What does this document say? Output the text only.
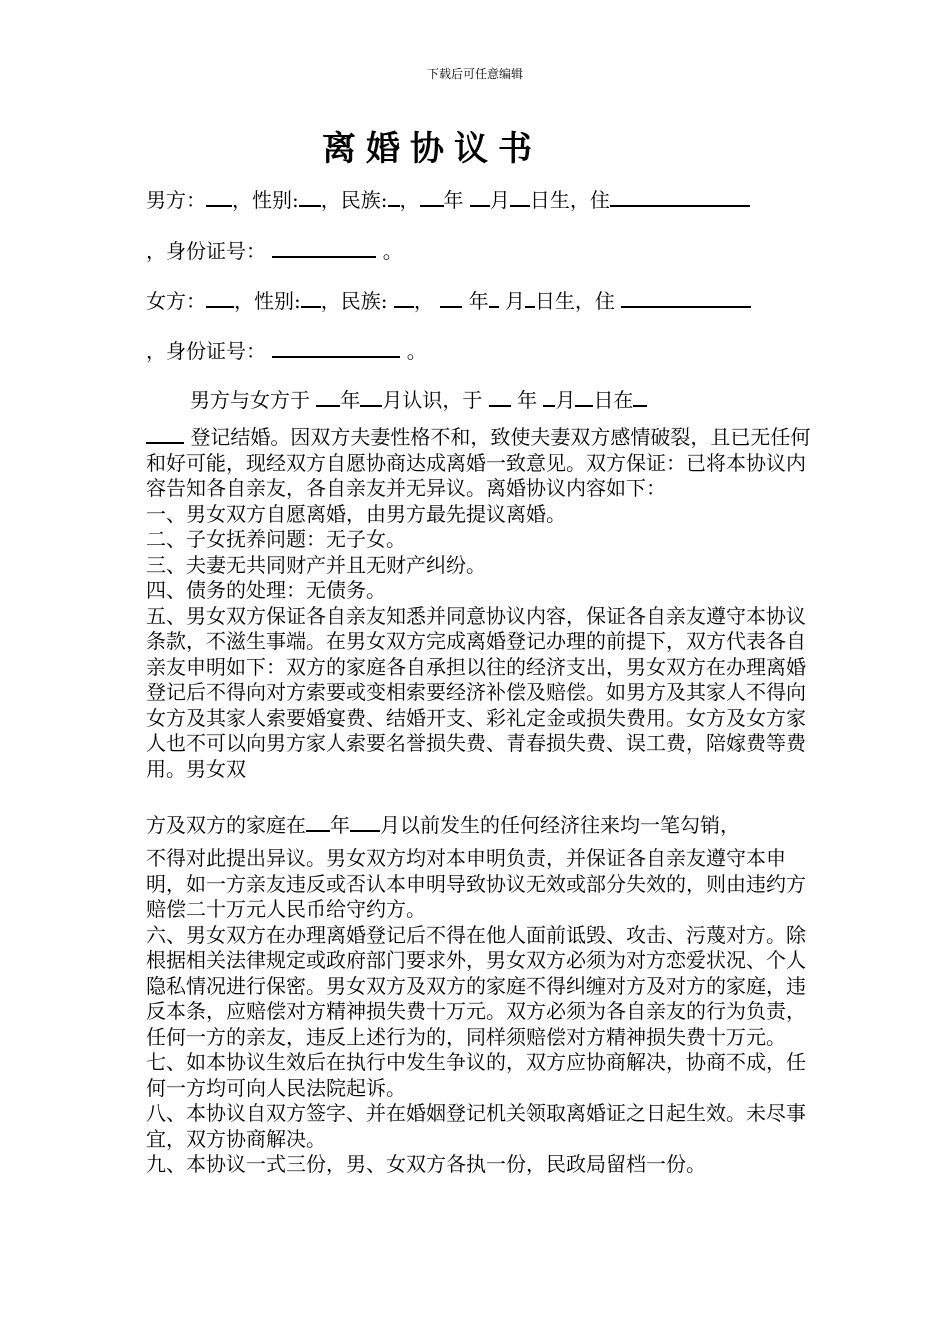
下载后可任意编辑
离婚协议书
男方： ，性别: ，民族: ， 年 月 日生，住
，身份证号：	。
女方： ，性别: ，民族: ， 年 月 日生，住
，身份证号：	。
男方与女方于 年 月认识，于 年 月 日在

登记结婚。因双方夫妻性格不和，致使夫妻双方感情破裂，且已无任何和好可能，现经双方自愿协商达成离婚一致意见。双方保证：已将本协议内容告知各自亲友，各自亲友并无异议。离婚协议内容如下：

一、男女双方自愿离婚，由男方最先提议离婚。

二、子女抚养问题：无子女。

三、夫妻无共同财产并且无财产纠纷。

四、债务的处理：无债务。

五、男女双方保证各自亲友知悉并同意协议内容，保证各自亲友遵守本协议条款，不滋生事端。在男女双方完成离婚登记办理的前提下，双方代表各自亲友申明如下：双方的家庭各自承担以往的经济支出，男女双方在办理离婚登记后不得向对方索要或变相索要经济补偿及赔偿。如男方及其家人不得向女方及其家人索要婚宴费、结婚开支、彩礼定金或损失费用。女方及女方家人也不可以向男方家人索要名誉损失费、青春损失费、误工费，陪嫁费等费用。男女双

方及双方的家庭在 年 月以前发生的任何经济往来均一笔勾销，

不得对此提出异议。男女双方均对本申明负责，并保证各自亲友遵守本申明，如一方亲友违反或否认本申明导致协议无效或部分失效的，则由违约方赔偿二十万元人民币给守约方。

六、男女双方在办理离婚登记后不得在他人面前诋毁、攻击、污蔑对方。除根据相关法律规定或政府部门要求外，男女双方必须为对方恋爱状况、个人隐私情况进行保密。男女双方及双方的家庭不得纠缠对方及对方的家庭，违反本条，应赔偿对方精神损失费十万元。双方必须为各自亲友的行为负责，任何一方的亲友，违反上述行为的，同样须赔偿对方精神损失费十万元。

七、如本协议生效后在执行中发生争议的，双方应协商解决，协商不成，任何一方均可向人民法院起诉。

八、本协议自双方签字、并在婚姻登记机关领取离婚证之日起生效。未尽事宜，双方协商解决。

九、本协议一式三份，男、女双方各执一份，民政局留档一份。
